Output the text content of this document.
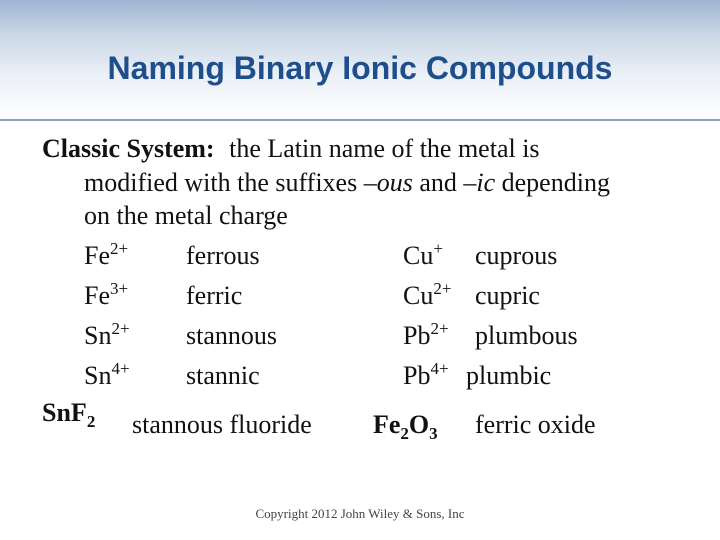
Naming Binary Ionic Compounds
Classic System: the Latin name of the metal is
modified with the suffixes –ous and –ic depending
on the metal charge
$Fe^{2+}$ ferrous
$Fe^{3+}$ ferric
$Sn^{2+}$ stannous
$Sn^{4+}$ stannic
Cu+ cuprous
$Cu^{2+}$ cupric
$Pb^{2+}$ plumbous
$Pb^{4+}$ plumbic
SnF$_2$ stannous fluoride $Fe_2O_3$ ferric oxide
Copyright 2012 John Wiley & Sons, Inc
